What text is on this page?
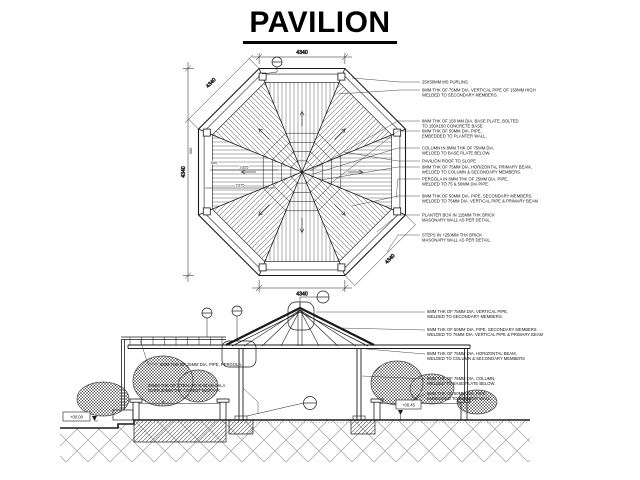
PAVILION
4340
4340
4340
4340
4340
300
500
2325
2375
25X50MM MS PURLINS
6MM THK OF 75MM DIA. VERTICAL PIPE OF 150MM HIGH
WELDED TO SECONDARY MEMBERS.
8MM THK OF 150 MM DIA. BASE PLATE, BOLTED
TO 150X150 CONCRETE BASE
6MM THK OF 50MM DIA. PIPE,
EMBEDDED TO PLANTER WALL.
COLUMN IN 8MM THK OF 75MM DIA.
WELDED TO BASE PLATE BELOW.
PAVILION ROOF TO SLOPE
8MM THK OF 75MM DIA. HORIZONTAL PRIMARY BEAM,
WELDED TO COLUMN & SECONDARY MEMBERS.
PERGOLA IN 6MM THK OF 25MM DIA. PIPE,
WELDED TO 75 & 50MM DIA PIPE.
6MM THK OF 50MM DIA. PIPE, SECONDARY MEMBERS
WELDED TO 75MM DIA. VERTICAL PIPE & PRIMARY BEAM
PLANTER BOX IN 115MM THK BRICK
MASONARY WALL AS PER DETAIL.
STEPS IN +250MM THK BRICK
MASONARY WALL AS PER DETAIL.
+00.00
+00.45
6MM THK OF 25MM DIA. PIPE, PERGOLA.
20MM THK OF STEALITE GAD MASALA
OVER 20MM THK CEMENT MORTAR.
6MM THK OF 75MM DIA. VERTICAL PIPE,
WELDED TO SECONDARY MEMBERS.
6MM THK OF 50MM DIA. PIPE, SECONDARY MEMBERS
WELDED TO 75MM DIA. VERTICAL PIPE & PRIMARY BEAM
8MM THK OF 75MM DIA. HORIZONTAL BEAM,
WELDED TO COLUMN & SECONDARY MEMBERS
8MM THK OF 75MM DIA. COLUMN,
WELDED TO BASE PLATE BELOW.
6MM THK OF 50MM DIA. PIPE,
EMBEDDED TO PLANTER WALL.
